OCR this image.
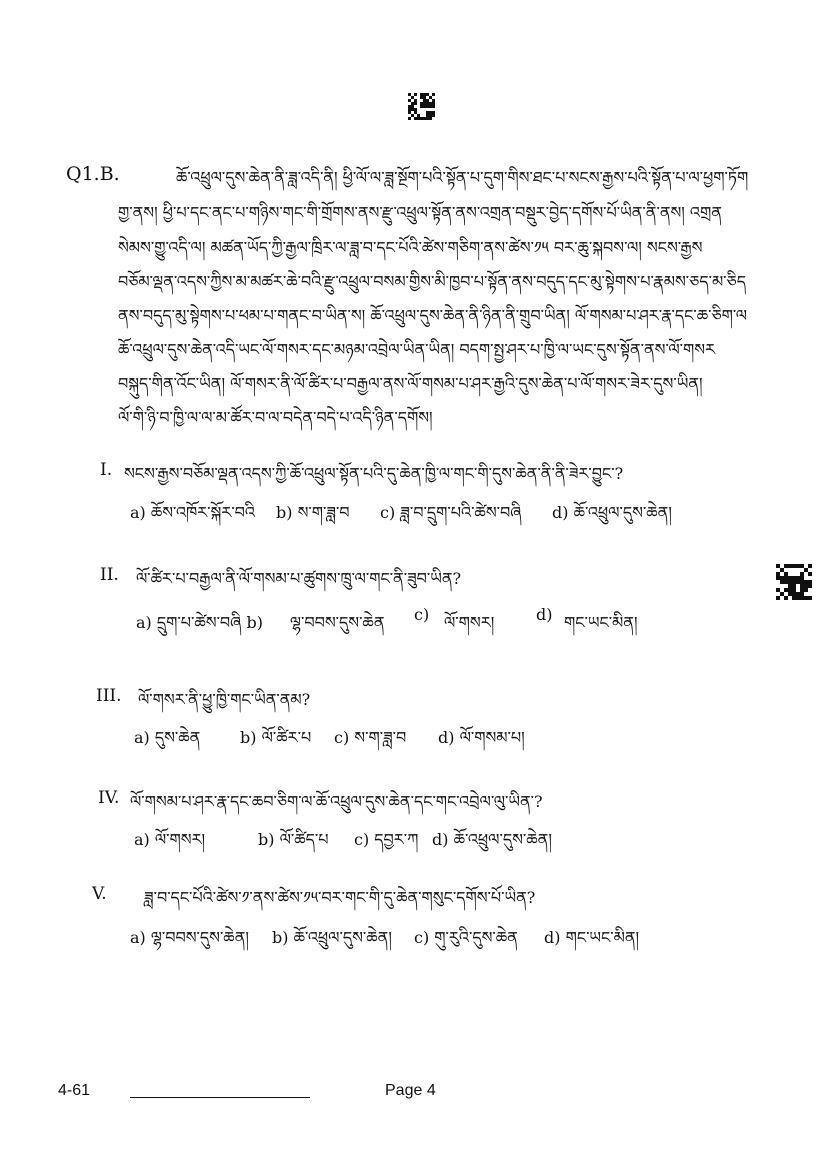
Q1.B.	ཆོ་འཕྲུལ་དུས་ཆེན་ནི་ཟླ་འདི་ནི། ཕྱི་ལོ་ལ་ཟླ་སྔོག་པའི་སྟོན་པ་དུག་གིས་ཐང་པ་སངས་རྒྱས་པའི་སྟོན་པ་ལ་ཕྱག་ཏོག
གྱ་ནས། ཕྱི་པ་དང་ནང་པ་གཉིས་གང་གི་གྲོགས་ནས་རྫུ་འཕྲུལ་སྟོན་ནས་འགྲན་བསྡུར་བྱེད་དགོས་པོ་ཡིན་ནི་ནས། འགྲན
སེམས་གྱུ་འདི་ལ། མཚན་ཡོད་ཀྱི་རྒྱལ་ཁྲིར་ལ་ཟླ་བ་དང་པོའི་ཚེས་གཅིག་ནས་ཚེས་༡༥ བར་ཆུ་སྐབས་ལ། སངས་རྒྱས
བཅོམ་ལྡན་འདས་ཀྱིས་མ་མཚར་ཆེ་བའི་རྫུ་འཕྲུལ་བསམ་གྱིས་མི་ཁྱབ་པ་སྟོན་ནས་བདུད་དང་མུ་སྟེགས་པ་རྣམས་ཅད་མ་ཅིད
ནས་བདུད་མུ་སྟེགས་པ་ཕམ་པ་གནང་བ་ཡིན་ས། ཆོ་འཕྲུལ་དུས་ཆེན་ནི་ཉིན་ནི་གྲུབ་ཡིན། ལོ་གསམ་པ་ཤར་རྣ་དང་ཆ་ཅིག་ལ
ཆོ་འཕྲུལ་དུས་ཆེན་འདི་ཡང་ལོ་གསར་དང་མཉམ་འབྲེལ་ཡིན་ཡིན། བདག་སྤྱ་ཤར་པ་ཁྱི་ལ་ཡང་དུས་སྟོན་ནས་ལོ་གསར
བསྐུད་གིན་འོང་ཡིན། ལོ་གསར་ནི་ལོ་ཚིར་པ་བརྒྱལ་ནས་ལོ་གསམ་པ་ཤར་རྒྱའི་དུས་ཆེན་པ་ལོ་གསར་ཟེར་དུས་ཡིན།
ལོ་གི་ཉི་བ་ཁྱི་ལ་ལ་མ་ཚོར་བ་ལ་བདེན་བདེ་པ་འདི་ཉིན་དགོས།
I. སངས་རྒྱས་བཅོམ་ལྡན་འདས་ཀྱི་ཆོ་འཕྲུལ་སྟོན་པའི་དུ་ཆེན་ཁྱི་ལ་གང་གི་དུས་ཆེན་ནི་ནི་ཟེར་བྱུང་?
a) ཆོས་འཁོར་སྐོར་བའི b) ས་ག་ཟླ་བ c) ཟླ་བ་དྲུག་པའི་ཚེས་བཞི d) ཆོ་འཕྲུལ་དུས་ཆེན།
II. ལོ་ཚིར་པ་བརྒྱལ་ནི་ལོ་གསམ་པ་ཚུགས་ཁྲུ་ལ་གང་ནི་ཟུབ་ཡིན?
a) དྲུག་པ་ཚེས་བཞི b) ལྷ་བབས་དུས་ཆེན c) ལོ་གསར།	d) གང་ཡང་མིན།
III. ལོ་གསར་ནི་ཕྱུ་ཁྱི་གང་ཡིན་ནམ?
a) དུས་ཆེན b) ལོ་ཚིར་པ c) ས་ག་ཟླ་བ d) ལོ་གསམ་པ།
IV. ལོ་གསམ་པ་ཤར་རྣ་དང་ཆབ་ཅིག་ལ་ཆོ་འཕྲུལ་དུས་ཆེན་དང་གང་འབྲེལ་ལུ་ཡིན་?
a) ལོ་གསར།	b) ལོ་ཚིད་པ c) དབྱར་ཀ d) ཆོ་འཕྲུལ་དུས་ཆེན།
V. ཟླ་བ་དང་པོའི་ཚེས་༡་ནས་ཚེས་༡༥་བར་གང་གི་དུ་ཆེན་གསུང་དགོས་པོ་ཡིན?
a) ལྷ་བབས་དུས་ཆེན། b) ཆོ་འཕྲུལ་དུས་ཆེན། c) གུ་རུའི་དུས་ཆེན d) གང་ཡང་མིན།
4-61	Page 4
